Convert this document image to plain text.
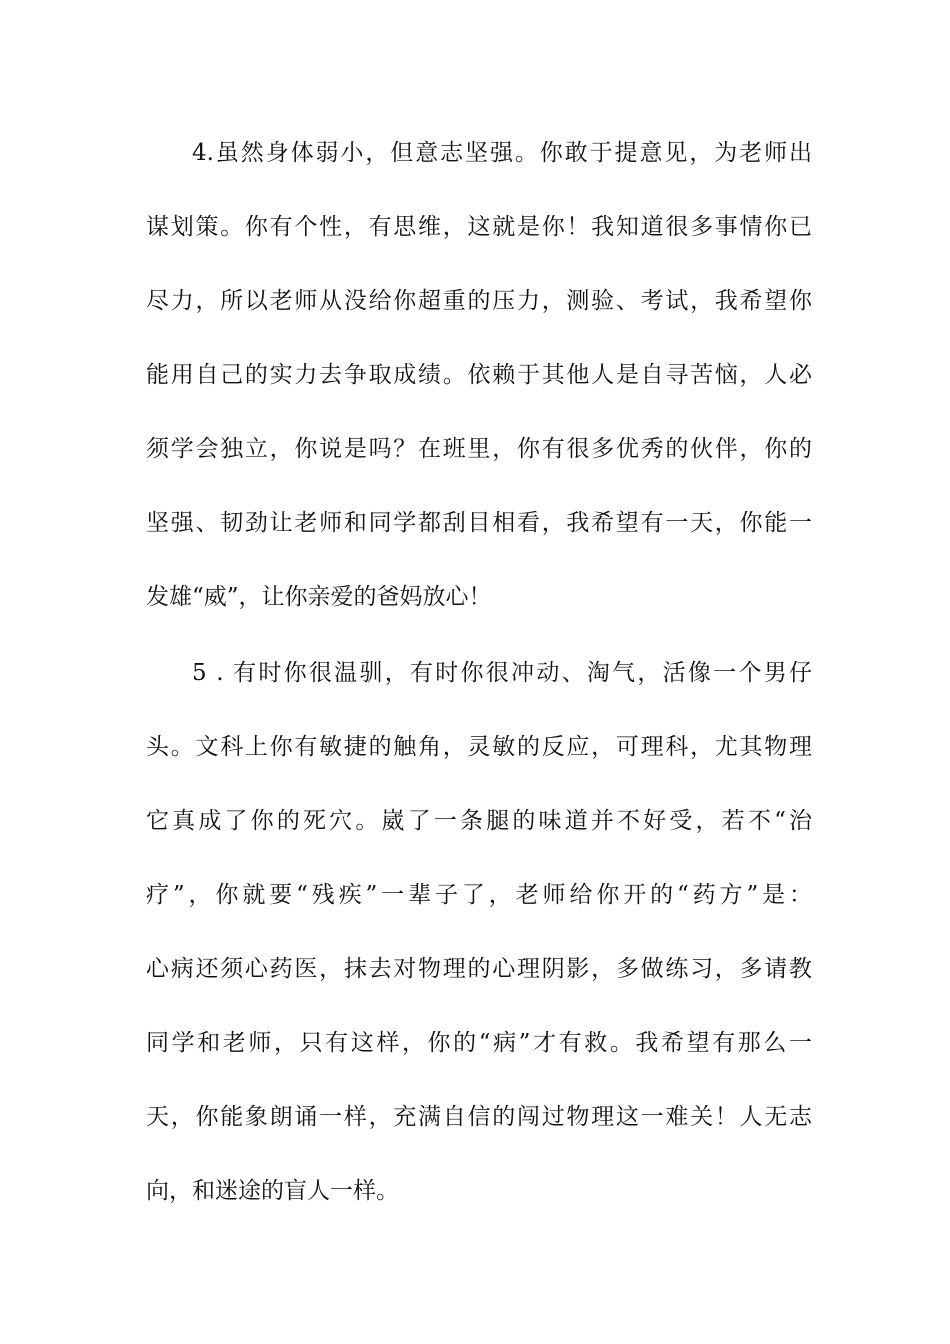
4.虽然身体弱小，但意志坚强。你敢于提意见，为老师出
谋划策。你有个性，有思维，这就是你！我知道很多事情你已
尽力，所以老师从没给你超重的压力，测验、考试，我希望你
能用自己的实力去争取成绩。依赖于其他人是自寻苦恼，人必
须学会独立，你说是吗？在班里，你有很多优秀的伙伴，你的
坚强、韧劲让老师和同学都刮目相看，我希望有一天，你能一
发雄“威”，让你亲爱的爸妈放心！
5 . 有时你很温驯，有时你很冲动、淘气，活像一个男仔
头。文科上你有敏捷的触角，灵敏的反应，可理科，尤其物理
它真成了你的死穴。崴了一条腿的味道并不好受，若不“治
疗”，你就要“残疾”一辈子了，老师给你开的“药方”是：
心病还须心药医，抹去对物理的心理阴影，多做练习，多请教
同学和老师，只有这样，你的“病”才有救。我希望有那么一
天，你能象朗诵一样，充满自信的闯过物理这一难关！人无志
向，和迷途的盲人一样。
